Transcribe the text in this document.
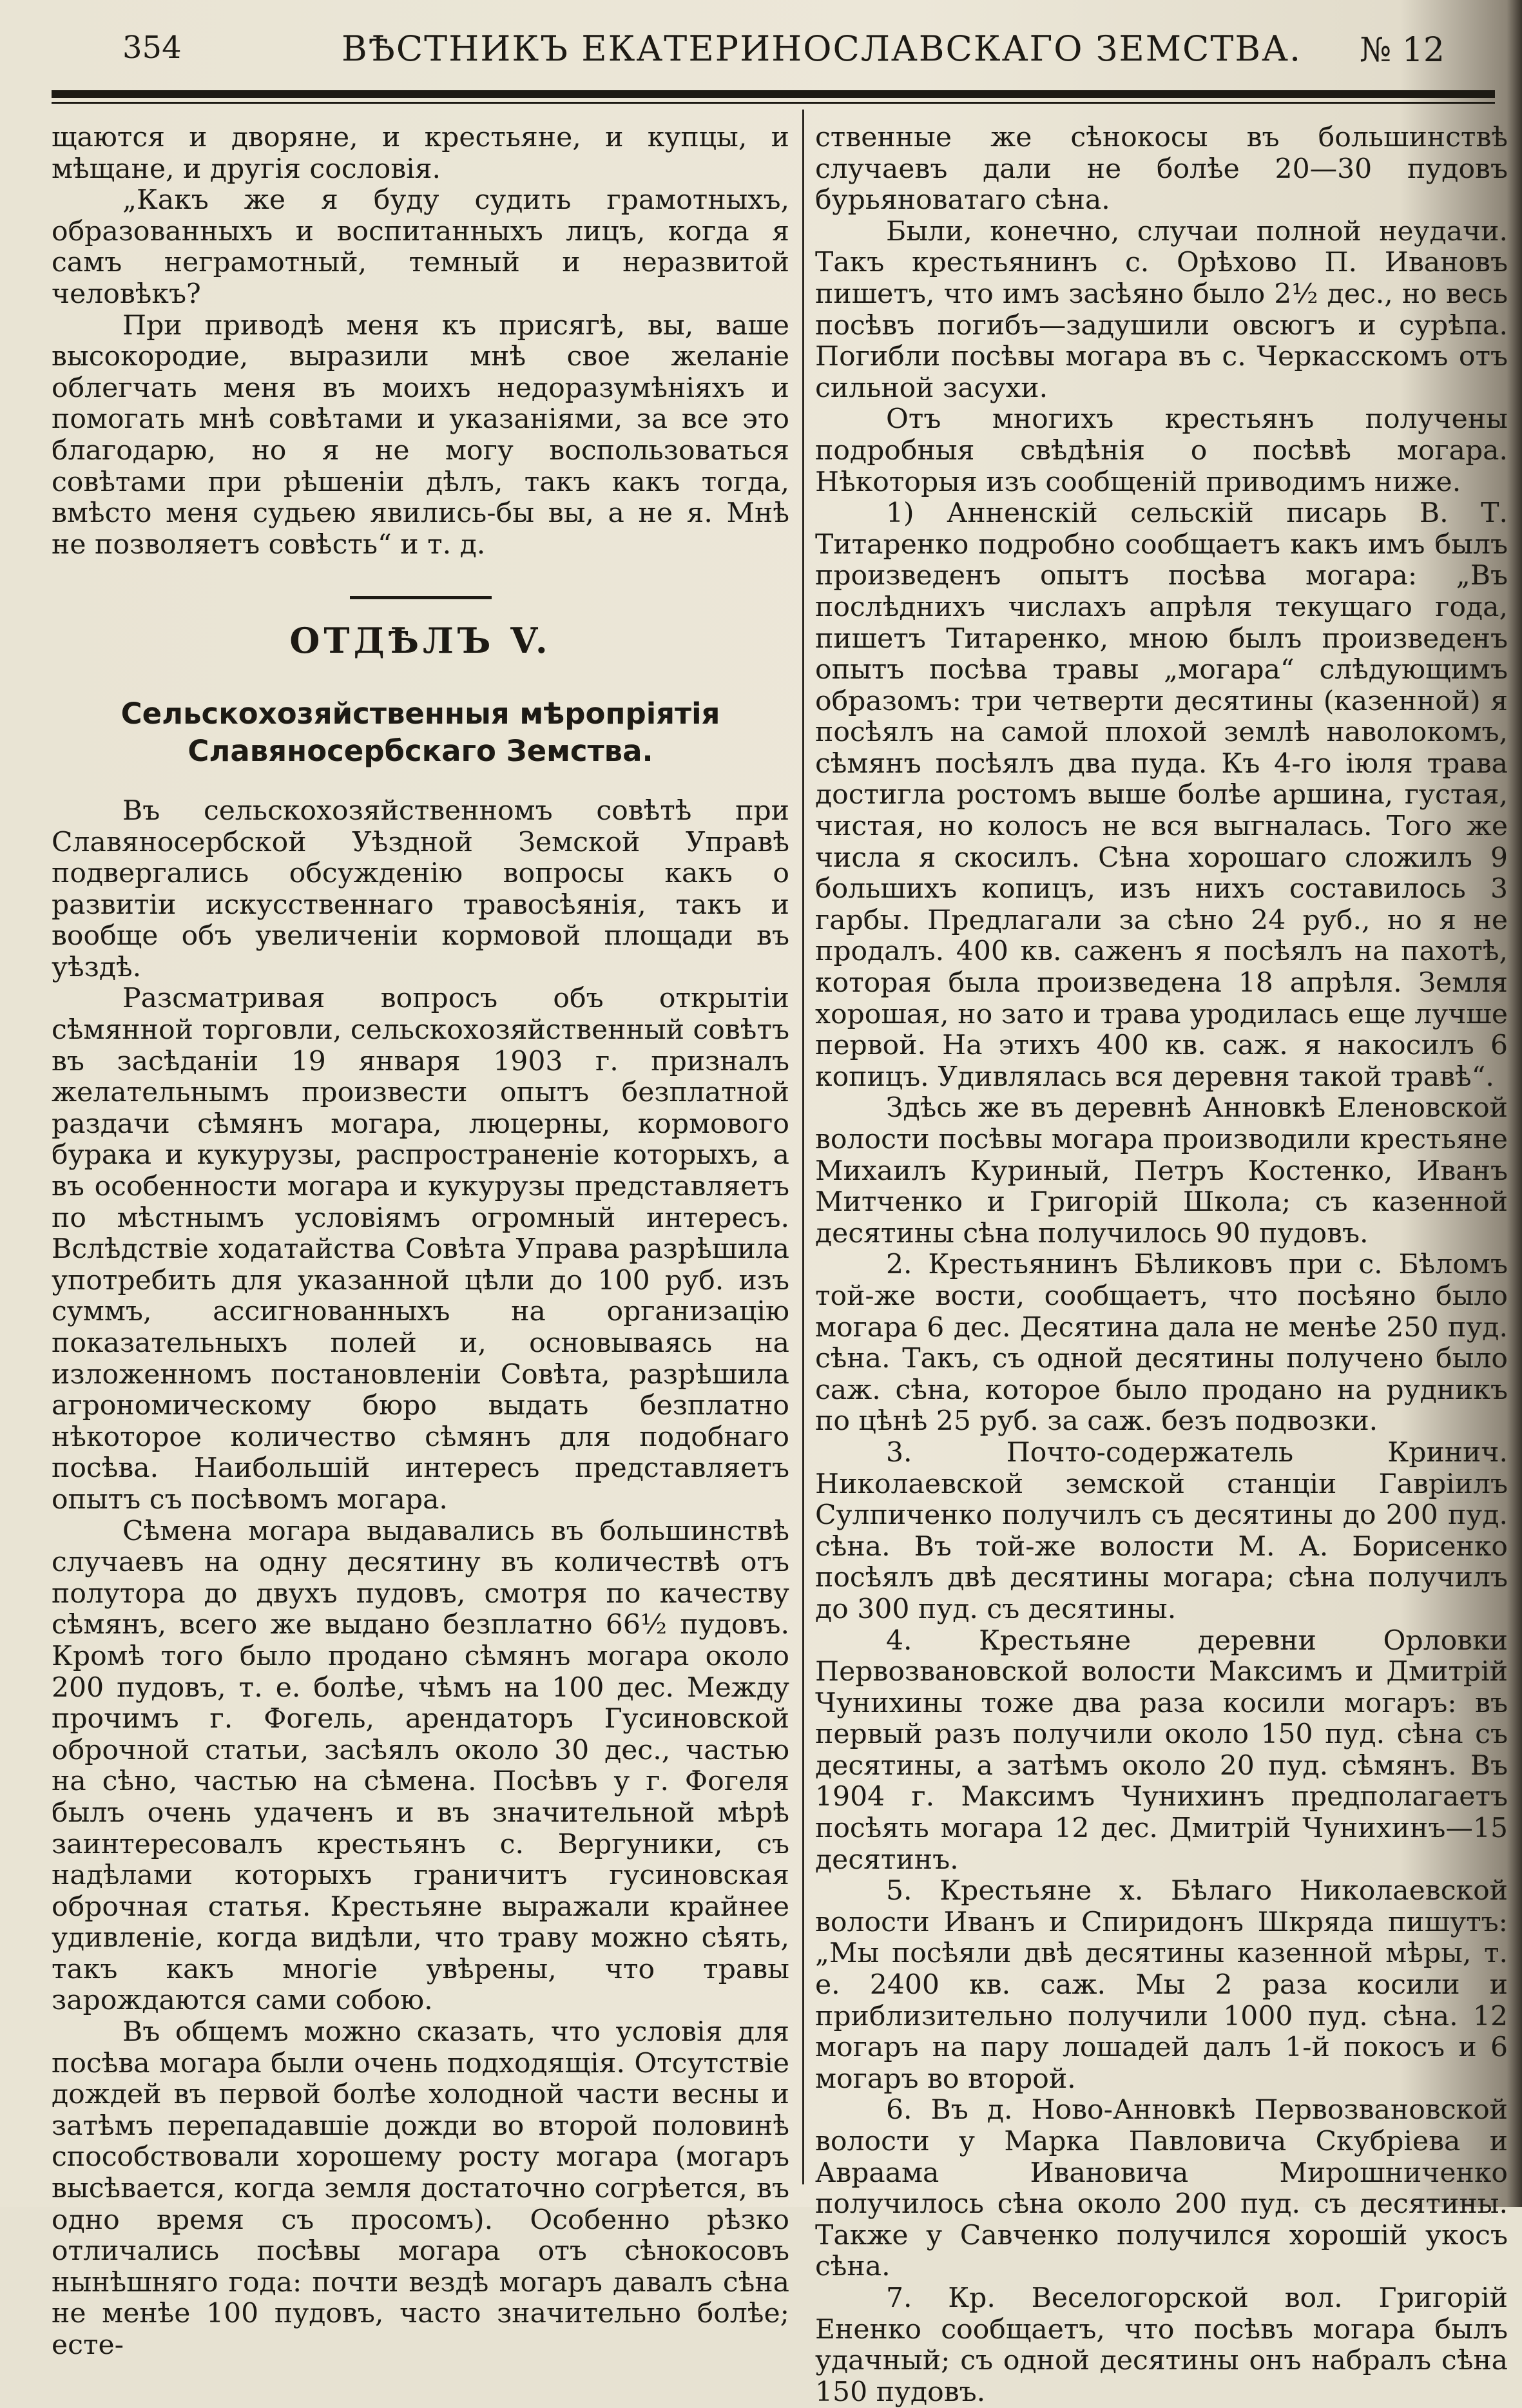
354	ВѢСТНИКЪ ЕКАТЕРИНОСЛАВСКАГО ЗЕМСТВА. № 12

щаются и дворяне, и крестьяне, и купцы, и мѣщане, и другія сословія.

„Какъ же я буду судить грамотныхъ, образованныхъ и воспитанныхъ лицъ, когда я самъ неграмотный, темный и неразвитой человѣкъ?

При приводѣ меня къ присягѣ, вы, ваше высокородие, выразили мнѣ свое желаніе облегчать меня въ моихъ недоразумѣніяхъ и помогать мнѣ совѣтами и указаніями, за все это благодарю, но я не могу воспользоваться совѣтами при рѣшеніи дѣлъ, такъ какъ тогда, вмѣсто меня судьею явились-бы вы, а не я. Мнѣ не позволяетъ совѣсть“ и т. д.

ОТДѢЛЪ V.
Сельскохозяйственныя мѣропріятія Славяносербскаго Земства.

Въ сельскохозяйственномъ совѣтѣ при Славяносербской Уѣздной Земской Управѣ подвергались обсужденію вопросы какъ о развитіи искусственнаго травосѣянія, такъ и вообще объ увеличеніи кормовой площади въ уѣздѣ.

Разсматривая вопросъ объ открытіи сѣмянной торговли, сельскохозяйственный совѣтъ въ засѣданіи 19 января 1903 г. призналъ желательнымъ произвести опытъ безплатной раздачи сѣмянъ могара, люцерны, кормового бурака и кукурузы, распространеніе которыхъ, а въ особенности могара и кукурузы представляетъ по мѣстнымъ условіямъ огромный интересъ. Вслѣдствіе ходатайства Совѣта Управа разрѣшила употребить для указанной цѣли до 100 руб. изъ суммъ, ассигнованныхъ на организацію показательныхъ полей и, основываясь на изложенномъ постановленіи Совѣта, разрѣшила агрономическому бюро выдать безплатно нѣкоторое количество сѣмянъ для подобнаго посѣва. Наибольшій интересъ представляетъ опытъ съ посѣвомъ могара.

Сѣмена могара выдавались въ большинствѣ случаевъ на одну десятину въ количествѣ отъ полутора до двухъ пудовъ, смотря по качеству сѣмянъ, всего же выдано безплатно 66½ пудовъ. Кромѣ того было продано сѣмянъ могара около 200 пудовъ, т. е. болѣе, чѣмъ на 100 дес. Между прочимъ г. Фогель, арендаторъ Гусиновской оброчной статьи, засѣялъ около 30 дес., частью на сѣно, частью на сѣмена. Посѣвъ у г. Фогеля былъ очень удаченъ и въ значительной мѣрѣ заинтересовалъ крестьянъ с. Вергуники, съ надѣлами которыхъ граничитъ гусиновская оброчная статья. Крестьяне выражали крайнее удивленіе, когда видѣли, что траву можно сѣять, такъ какъ многіе увѣрены, что травы зарождаются сами собою.

Въ общемъ можно сказать, что условія для посѣва могара были очень подходящія. Отсутствіе дождей въ первой болѣе холодной части весны и затѣмъ перепадавшіе дожди во второй половинѣ способствовали хорошему росту могара (могаръ высѣвается, когда земля достаточно согрѣется, въ одно время съ просомъ). Особенно рѣзко отличались посѣвы могара отъ сѣнокосовъ нынѣшняго года: почти вездѣ могаръ давалъ сѣна не менѣе 100 пудовъ, часто значительно болѣе; есте-

ственные же сѣнокосы въ большинствѣ случаевъ дали не болѣе 20—30 пудовъ бурьяноватаго сѣна.

Были, конечно, случаи полной неудачи. Такъ крестьянинъ с. Орѣхово П. Ивановъ пишетъ, что имъ засѣяно было 2½ дес., но весь посѣвъ погибъ—задушили овсюгъ и сурѣпа. Погибли посѣвы могара въ с. Черкасскомъ отъ сильной засухи.

Отъ многихъ крестьянъ получены подробныя свѣдѣнія о посѣвѣ могара. Нѣкоторыя изъ сообщеній приводимъ ниже.

1) Анненскій сельскій писарь В. Т. Титаренко подробно сообщаетъ какъ имъ былъ произведенъ опытъ посѣва могара: „Въ послѣднихъ числахъ апрѣля текущаго года, пишетъ Титаренко, мною былъ произведенъ опытъ посѣва травы „могара“ слѣдующимъ образомъ: три четверти десятины (казенной) я посѣялъ на самой плохой землѣ наволокомъ, сѣмянъ посѣялъ два пуда. Къ 4-го іюля трава достигла ростомъ выше болѣе аршина, густая, чистая, но колосъ не вся выгналась. Того же числа я скосилъ. Сѣна хорошаго сложилъ 9 большихъ копицъ, изъ нихъ составилось 3 гарбы. Предлагали за сѣно 24 руб., но я не продалъ. 400 кв. саженъ я посѣялъ на пахотѣ, которая была произведена 18 апрѣля. Земля хорошая, но зато и трава уродилась еще лучше первой. На этихъ 400 кв. саж. я накосилъ 6 копицъ. Удивлялась вся деревня такой травѣ“.

Здѣсь же въ деревнѣ Анновкѣ Еленовской волости посѣвы могара производили крестьяне Михаилъ Куриный, Петръ Костенко, Иванъ Митченко и Григорій Школа; съ казенной десятины сѣна получилось 90 пудовъ.

2. Крестьянинъ Бѣликовъ при с. Бѣломъ той-же вости, сообщаетъ, что посѣяно было могара 6 дес. Десятина дала не менѣе 250 пуд. сѣна. Такъ, съ одной десятины получено было саж. сѣна, которое было продано на рудникъ по цѣнѣ 25 руб. за саж. безъ подвозки.

3. Почто-содержатель Кринич. Николаевской земской станціи Гавріилъ Сулпиченко получилъ съ десятины до 200 пуд. сѣна. Въ той-же волости М. А. Борисенко посѣялъ двѣ десятины могара; сѣна получилъ до 300 пуд. съ десятины.

4. Крестьяне деревни Орловки Первозвановской волости Максимъ и Дмитрій Чунихины тоже два раза косили могаръ: въ первый разъ получили около 150 пуд. сѣна съ десятины, а затѣмъ около 20 пуд. сѣмянъ. Въ 1904 г. Максимъ Чунихинъ предполагаетъ посѣять могара 12 дес. Дмитрій Чунихинъ—15 десятинъ.

5. Крестьяне х. Бѣлаго Николаевской волости Иванъ и Спиридонъ Шкряда пишутъ: „Мы посѣяли двѣ десятины казенной мѣры, т. е. 2400 кв. саж. Мы 2 раза косили и приблизительно получили 1000 пуд. сѣна. 12 могаръ на пару лошадей далъ 1-й покосъ и 6 могаръ во второй.

6. Въ д. Ново-Анновкѣ Первозвановской волости у Марка Павловича Скубріева и Авраама Ивановича Мирошниченко получилось сѣна около 200 пуд. съ десятины. Также у Савченко получился хорошій укосъ сѣна.

7. Кр. Веселогорской вол. Григорій Ененко сообщаетъ, что посѣвъ могара былъ удачный; съ одной десятины онъ набралъ сѣна 150 пудовъ.
